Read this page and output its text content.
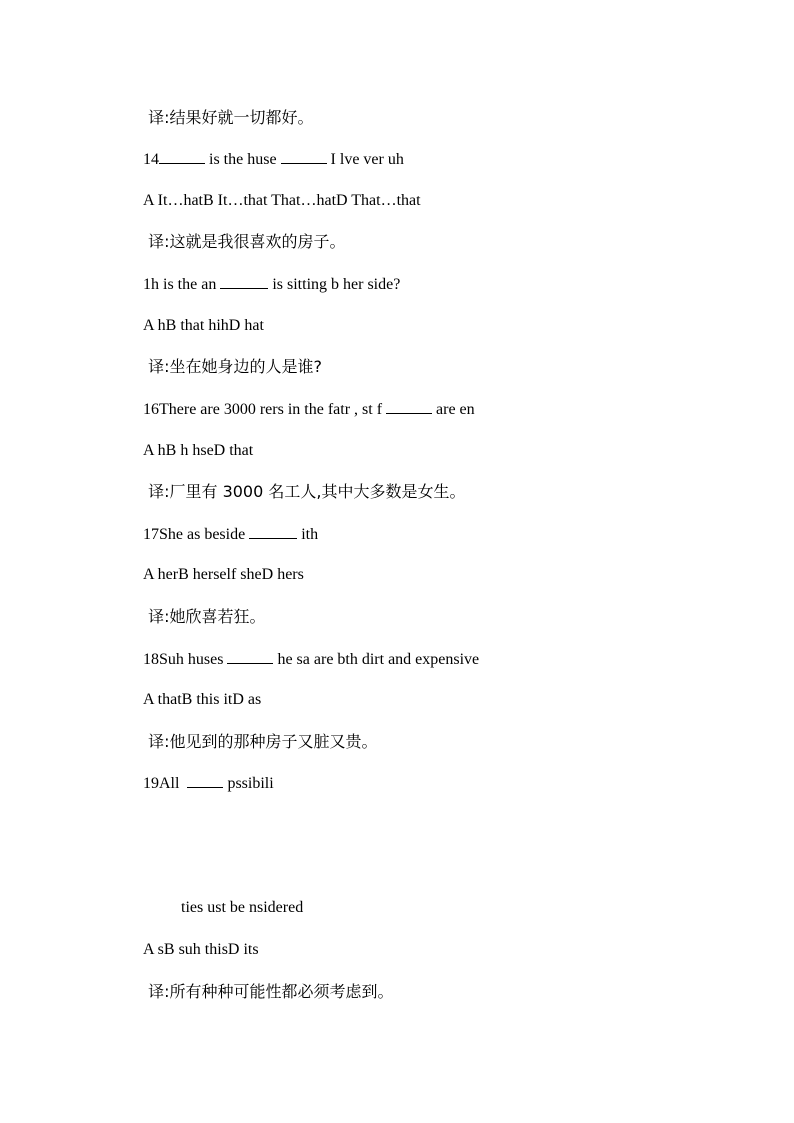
译:结果好就一切都好。
14	is the huse	I lve ver uh
A It…hatB It…that That…hatD That…that
译:这就是我很喜欢的房子。
1h is the an	is sitting b her side?
A hB that hihD hat
译:坐在她身边的人是谁?
16There are 3000 rers in the fatr , st f	are en
A hB h hseD that
译:厂里有 3000 名工人,其中大多数是女生。
17She as beside	ith
A herB herself sheD hers
译:她欣喜若狂。
18Suh huses	he sa are bth dirt and expensive
A thatB this itD as
译:他见到的那种房子又脏又贵。
19All   pssibili
ties ust be nsidered
A sB suh thisD its
译:所有种种可能性都必须考虑到。
